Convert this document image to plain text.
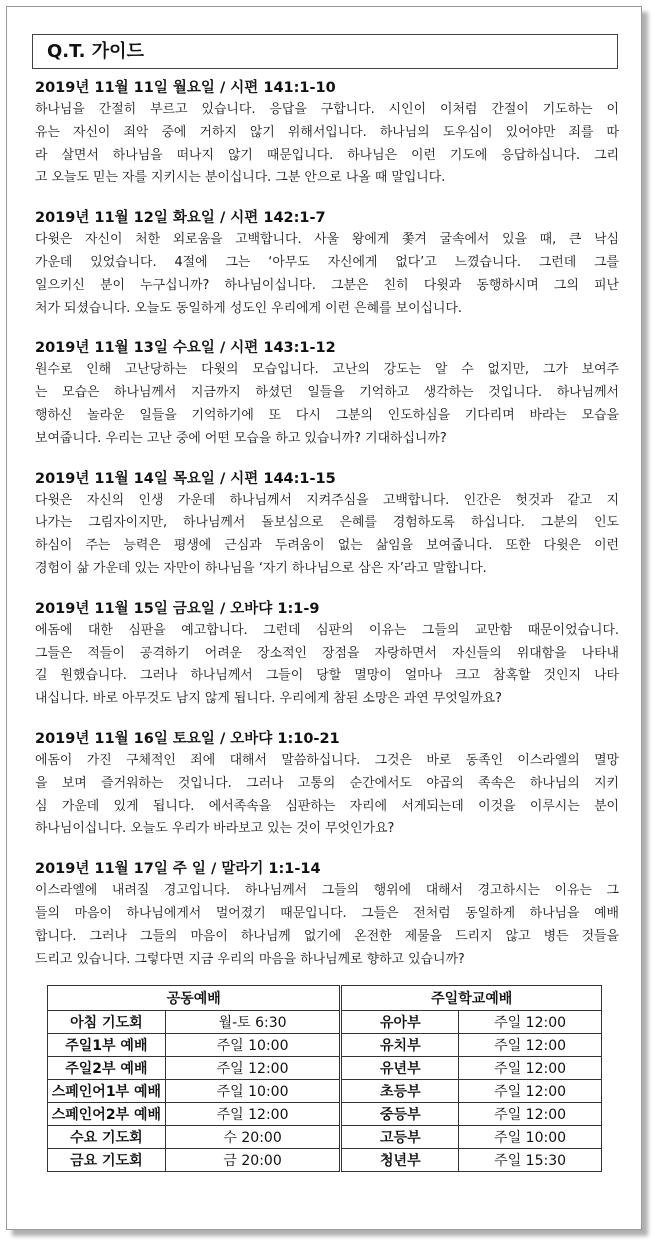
Q.T. 가이드
2019년 11월 11일 월요일 / 시편 141:1-10
하나님을 간절히 부르고 있습니다. 응답을 구합니다. 시인이 이처럼 간절이 기도하는 이
유는 자신이 죄악 중에 거하지 않기 위해서입니다. 하나님의 도우심이 있어야만 죄를 따
라 살면서 하나님을 떠나지 않기 때문입니다. 하나님은 이런 기도에 응답하십니다. 그리
고 오늘도 믿는 자를 지키시는 분이십니다. 그분 안으로 나올 때 말입니다.
2019년 11월 12일 화요일 / 시편 142:1-7
다윗은 자신이 처한 외로움을 고백합니다. 사울 왕에게 쫓겨 굴속에서 있을 때, 큰 낙심
가운데 있었습니다. 4절에 그는 ‘아무도 자신에게 없다’고 느꼈습니다. 그런데 그를
일으키신 분이 누구십니까? 하나님이십니다. 그분은 친히 다윗과 동행하시며 그의 피난
처가 되셨습니다. 오늘도 동일하게 성도인 우리에게 이런 은혜를 보이십니다.
2019년 11월 13일 수요일 / 시편 143:1-12
원수로 인해 고난당하는 다윗의 모습입니다. 고난의 강도는 알 수 없지만, 그가 보여주
는 모습은 하나님께서 지금까지 하셨던 일들을 기억하고 생각하는 것입니다. 하나님께서
행하신 놀라운 일들을 기억하기에 또 다시 그분의 인도하심을 기다리며 바라는 모습을
보여줍니다. 우리는 고난 중에 어떤 모습을 하고 있습니까? 기대하십니까?
2019년 11월 14일 목요일 / 시편 144:1-15
다윗은 자신의 인생 가운데 하나님께서 지켜주심을 고백합니다. 인간은 헛것과 같고 지
나가는 그림자이지만, 하나님께서 돌보심으로 은혜를 경험하도록 하십니다. 그분의 인도
하심이 주는 능력은 평생에 근심과 두려움이 없는 삶임을 보여줍니다. 또한 다윗은 이런
경험이 삶 가운데 있는 자만이 하나님을 ‘자기 하나님으로 삼은 자’라고 말합니다.
2019년 11월 15일 금요일 / 오바댜 1:1-9
에돔에 대한 심판을 예고합니다. 그런데 심판의 이유는 그들의 교만함 때문이었습니다.
그들은 적들이 공격하기 어려운 장소적인 장점을 자랑하면서 자신들의 위대함을 나타내
길 원했습니다. 그러나 하나님께서 그들이 당할 멸망이 얼마나 크고 참혹할 것인지 나타
내십니다. 바로 아무것도 남지 않게 됩니다. 우리에게 참된 소망은 과연 무엇일까요?
2019년 11월 16일 토요일 / 오바댜 1:10-21
에돔이 가진 구체적인 죄에 대해서 말씀하십니다. 그것은 바로 동족인 이스라엘의 멸망
을 보며 즐거워하는 것입니다. 그러나 고통의 순간에서도 야곱의 족속은 하나님의 지키
심 가운데 있게 됩니다. 에서족속을 심판하는 자리에 서게되는데 이것을 이루시는 분이
하나님이십니다. 오늘도 우리가 바라보고 있는 것이 무엇인가요?
2019년 11월 17일 주 일 / 말라기 1:1-14
이스라엘에 내려질 경고입니다. 하나님께서 그들의 행위에 대해서 경고하시는 이유는 그
들의 마음이 하나님에게서 멀어졌기 때문입니다. 그들은 전처럼 동일하게 하나님을 예배
합니다. 그러나 그들의 마음이 하나님께 없기에 온전한 제물을 드리지 않고 병든 것들을
드리고 있습니다. 그렇다면 지금 우리의 마음을 하나님께로 향하고 있습니까?
공동예배		주일학교예배	
아침 기도회	월-토 6:30	유아부	주일 12:00
주일1부 예배	주일 10:00	유치부	주일 12:00
주일2부 예배	주일 12:00	유년부	주일 12:00
스페인어1부 예배	주일 10:00	초등부	주일 12:00
스페인어2부 예배	주일 12:00	중등부	주일 12:00
수요 기도회	수 20:00	고등부	주일 10:00
금요 기도회	금 20:00	청년부	주일 15:30
